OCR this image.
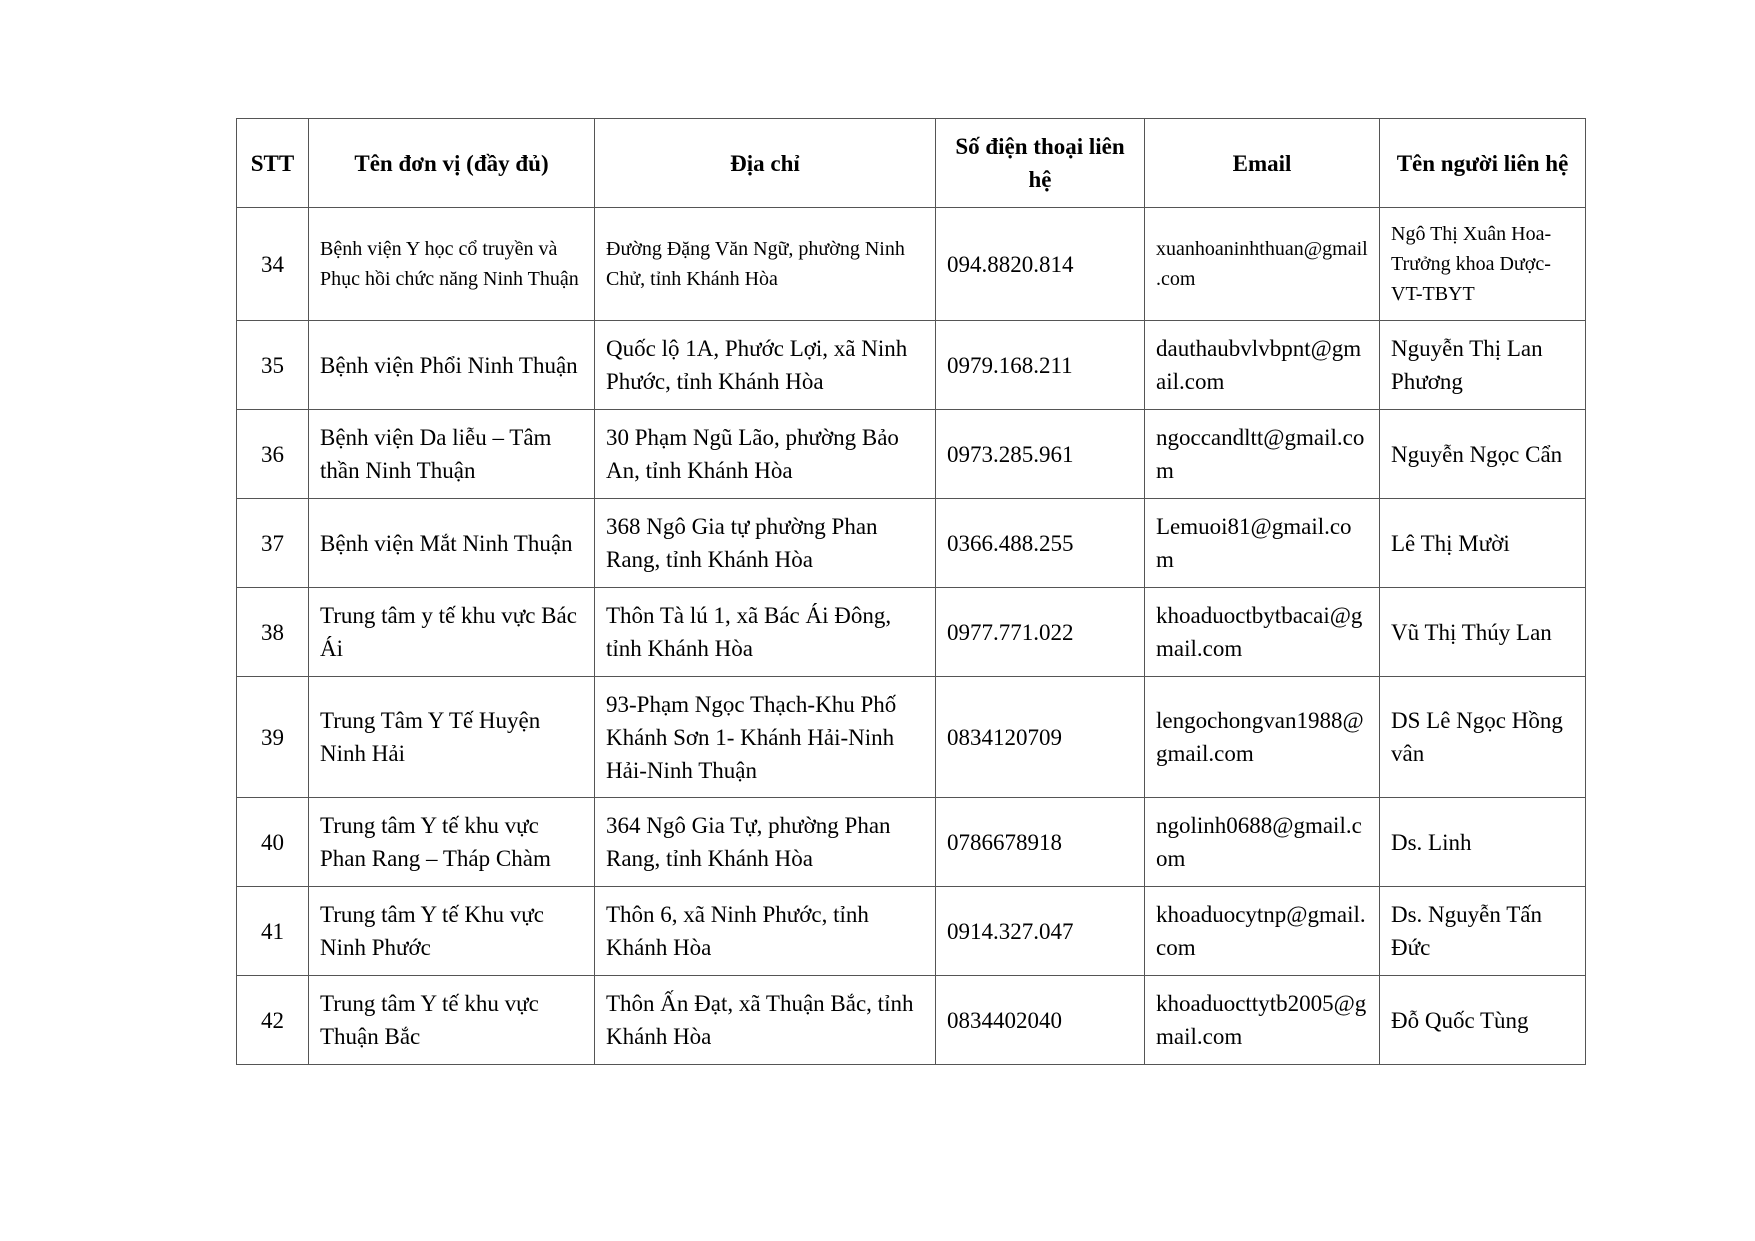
STT	Tên đơn vị (đầy đủ)	Địa chỉ	Số điện thoại liên hệ	Email	Tên người liên hệ
34	Bệnh viện Y học cổ truyền và Phục hồi chức năng Ninh Thuận	Đường Đặng Văn Ngữ, phường Ninh Chử, tỉnh Khánh Hòa	094.8820.814	xuanhoaninhthuan@gmail.com	Ngô Thị Xuân Hoa-Trưởng khoa Dược-VT-TBYT
35	Bệnh viện Phổi Ninh Thuận	Quốc lộ 1A, Phước Lợi, xã Ninh Phước, tỉnh Khánh Hòa	0979.168.211	dauthaubvlvbpnt@gmail.com	Nguyễn Thị Lan Phương
36	Bệnh viện Da liễu – Tâm thần Ninh Thuận	30 Phạm Ngũ Lão, phường Bảo An, tỉnh Khánh Hòa	0973.285.961	ngoccandltt@gmail.com	Nguyễn Ngọc Cẩn
37	Bệnh viện Mắt Ninh Thuận	368 Ngô Gia tự phường Phan Rang, tỉnh Khánh Hòa	0366.488.255	Lemuoi81@gmail.com	Lê Thị Mười
38	Trung tâm y tế khu vực Bác Ái	Thôn Tà lú 1, xã Bác Ái Đông, tỉnh Khánh Hòa	0977.771.022	khoaduoctbytbacai@gmail.com	Vũ Thị Thúy Lan
39	Trung Tâm Y Tế Huyện Ninh Hải	93-Phạm Ngọc Thạch-Khu Phố Khánh Sơn 1- Khánh Hải-Ninh Hải-Ninh Thuận	0834120709	lengochongvan1988@gmail.com	DS Lê Ngọc Hồng vân
40	Trung tâm Y tế khu vực Phan Rang – Tháp Chàm	364 Ngô Gia Tự, phường Phan Rang, tỉnh Khánh Hòa	0786678918	ngolinh0688@gmail.com	Ds. Linh
41	Trung tâm Y tế Khu vực Ninh Phước	Thôn 6, xã Ninh Phước, tỉnh Khánh Hòa	0914.327.047	khoaduocytnp@gmail.com	Ds. Nguyễn Tấn Đức
42	Trung tâm Y tế khu vực Thuận Bắc	Thôn Ấn Đạt, xã Thuận Bắc, tỉnh Khánh Hòa	0834402040	khoaduocttytb2005@gmail.com	Đỗ Quốc Tùng
